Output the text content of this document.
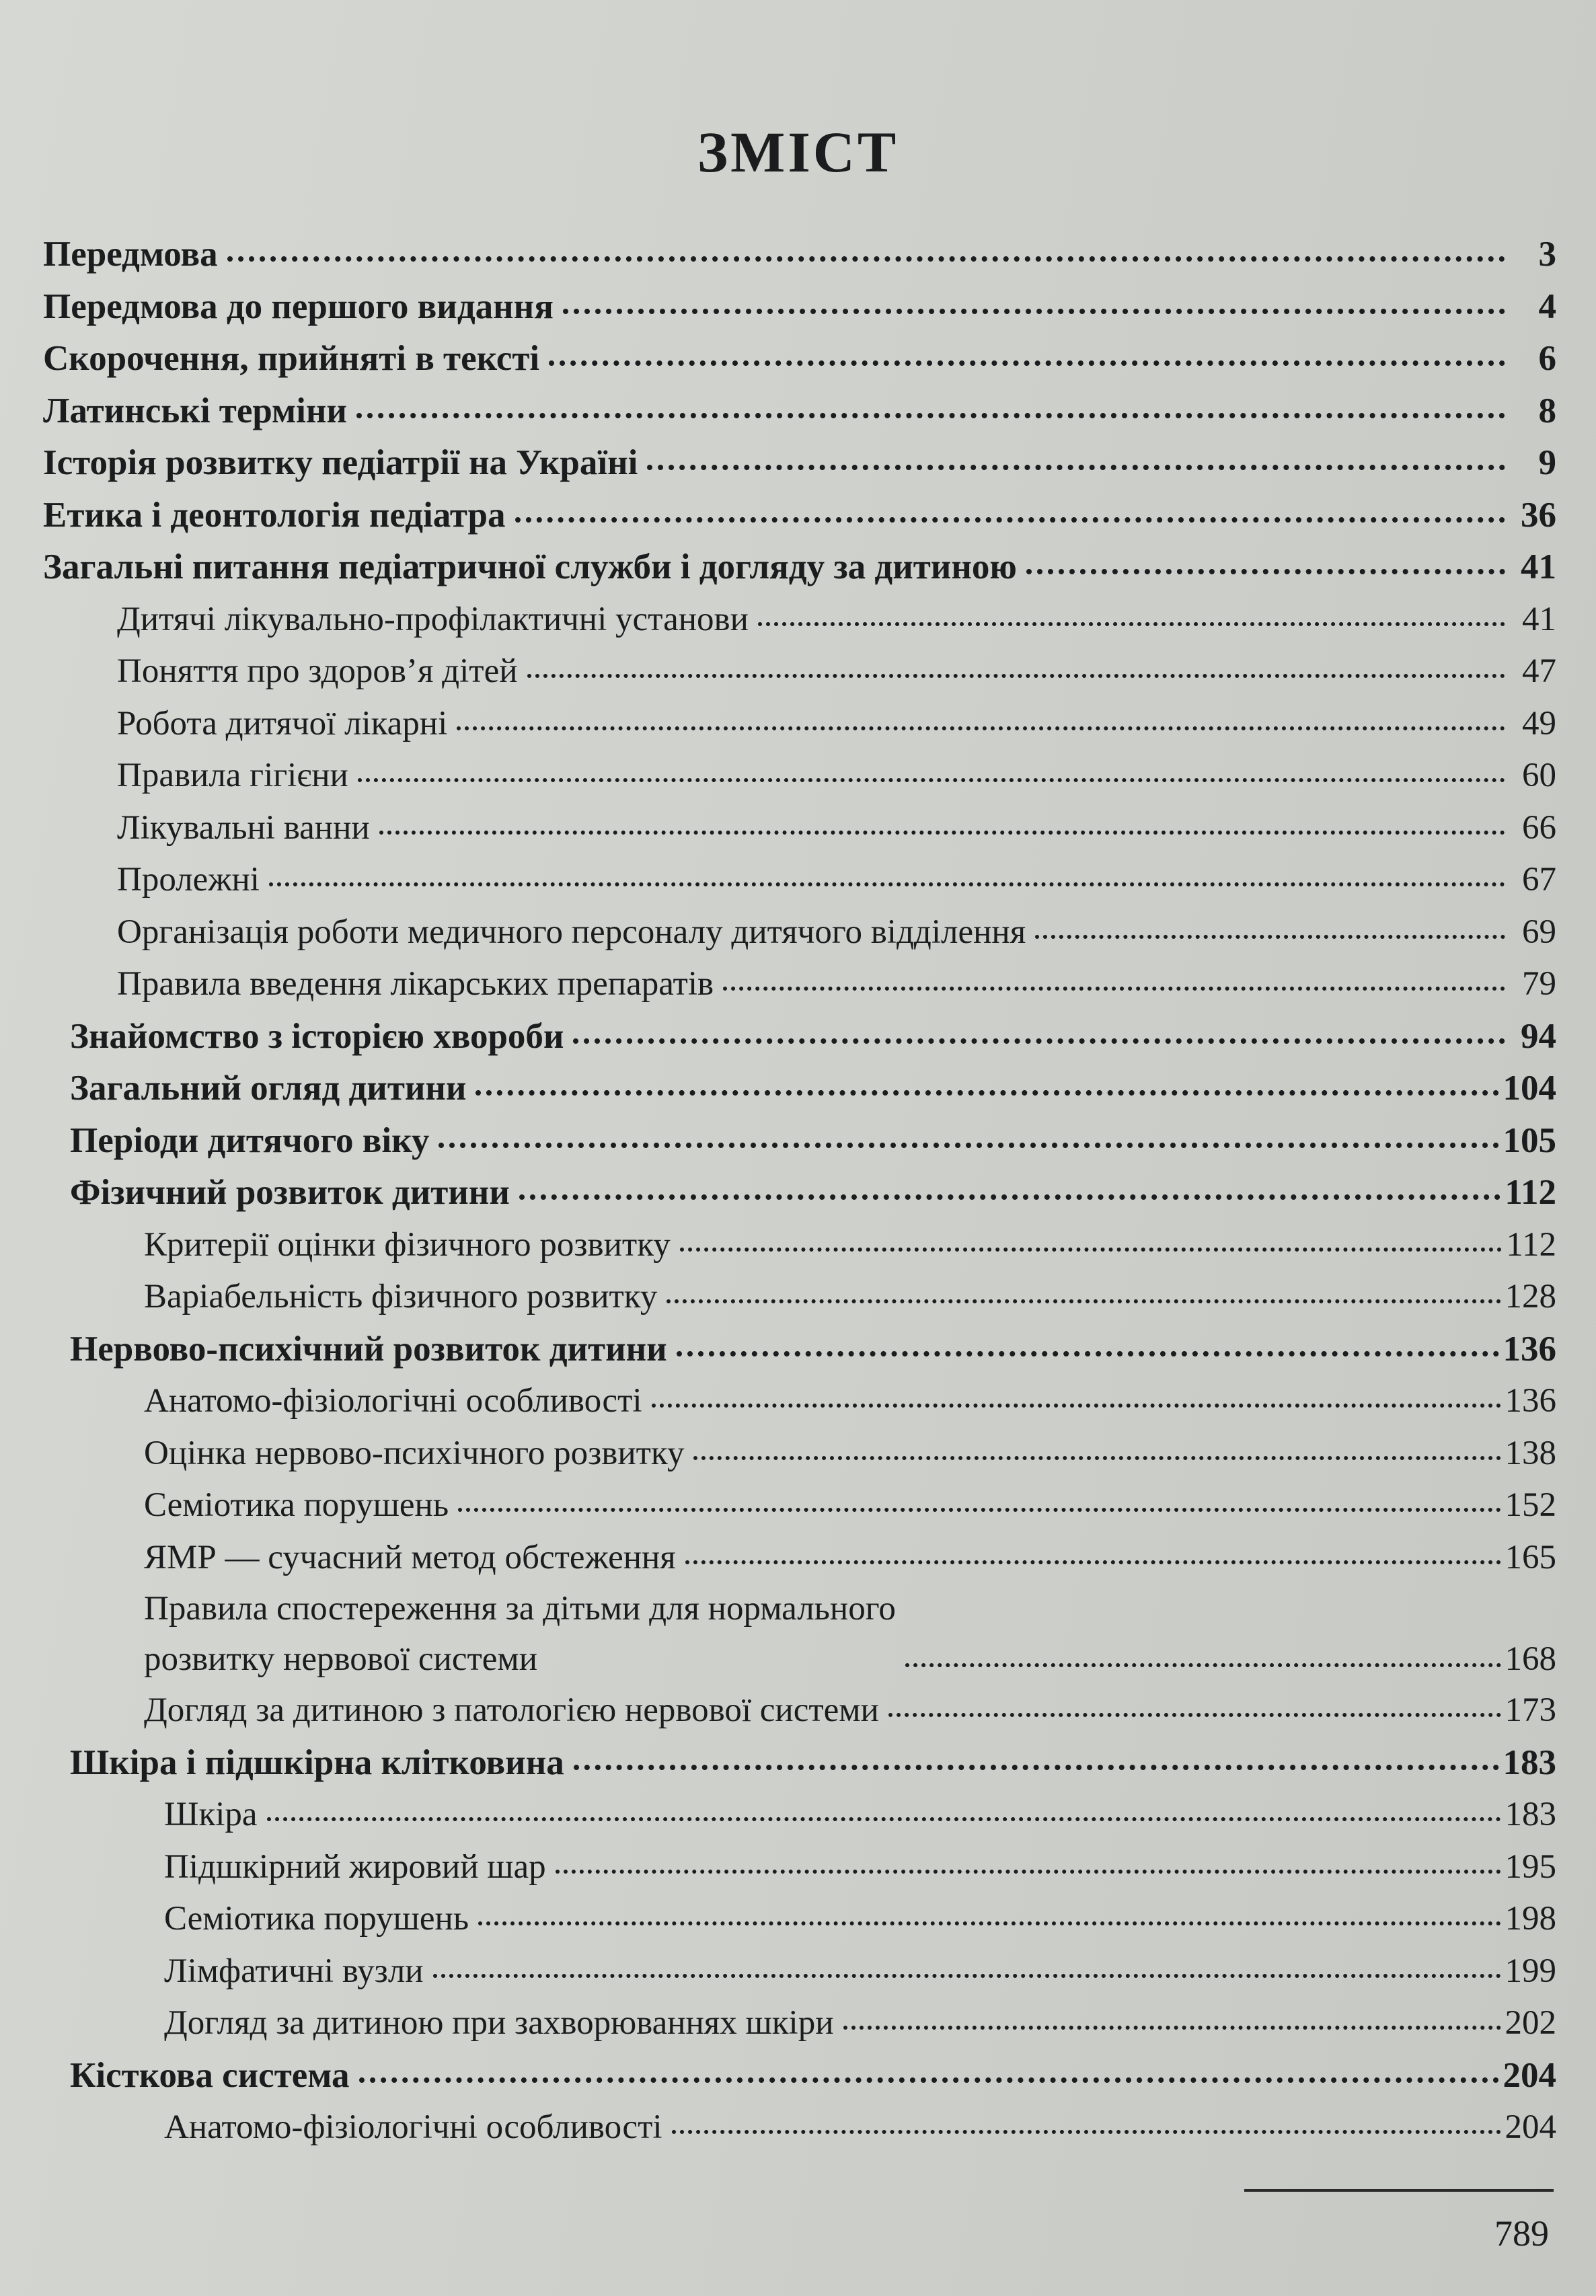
ЗМІСТ
Передмова	3
Передмова до першого видання	4
Скорочення, прийняті в тексті	6
Латинські терміни	8
Історія розвитку педіатрії на Україні	9
Етика і деонтологія педіатра	36
Загальні питання педіатричної служби і догляду за дитиною	41
Дитячі лікувально-профілактичні установи	41
Поняття про здоров’я дітей	47
Робота дитячої лікарні	49
Правила гігієни	60
Лікувальні ванни	66
Пролежні	67
Організація роботи медичного персоналу дитячого відділення	69
Правила введення лікарських препаратів	79
Знайомство з історією хвороби	94
Загальний огляд дитини	104
Періоди дитячого віку	105
Фізичний розвиток дитини	112
Критерії оцінки фізичного розвитку	112
Варіабельність фізичного розвитку	128
Нервово-психічний розвиток дитини	136
Анатомо-фізіологічні особливості	136
Оцінка нервово-психічного розвитку	138
Семіотика порушень	152
ЯМР — сучасний метод обстеження	165
Правила спостереження за дітьми для нормального
розвитку нервової системи	168
Догляд за дитиною з патологією нервової системи	173
Шкіра і підшкірна клітковина	183
Шкіра	183
Підшкірний жировий шар	195
Семіотика порушень	198
Лімфатичні вузли	199
Догляд за дитиною при захворюваннях шкіри	202
Кісткова система	204
Анатомо-фізіологічні особливості	204
789
